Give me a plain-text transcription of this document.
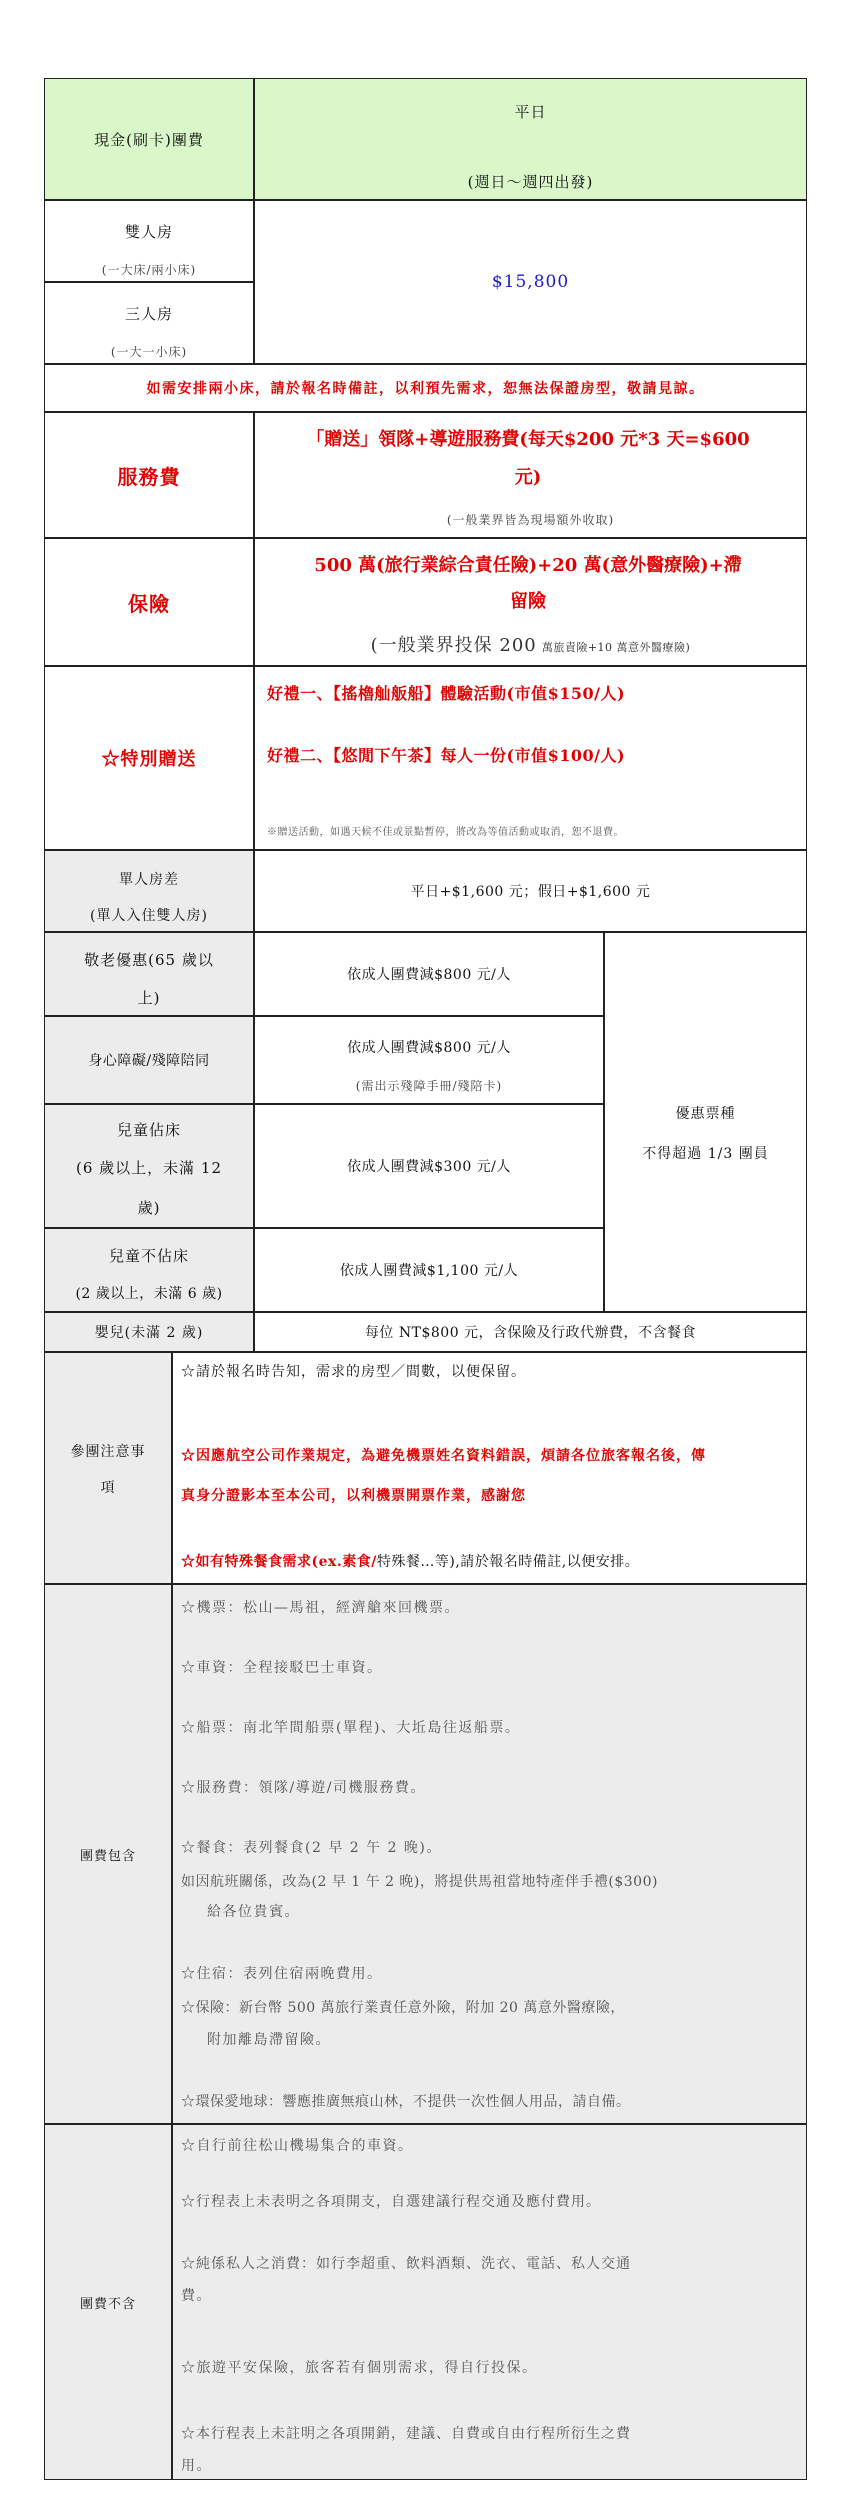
現金(刷卡)團費
平日
(週日～週四出發)
雙人房
(一大床/兩小床)
三人房
(一大一小床)
$15,800
如需安排兩小床，請於報名時備註，以利預先需求，恕無法保證房型，敬請見諒。
服務費
「贈送」領隊+導遊服務費(每天$200 元*3 天=$600
元)
(一般業界皆為現場額外收取)
保險
500 萬(旅行業綜合責任險)+20 萬(意外醫療險)+滯
留險
(一般業界投保 200 萬旅責險+10 萬意外醫療險)
☆特別贈送
好禮一、【搖櫓舢舨船】體驗活動(市值$150/人)
好禮二、【悠閒下午茶】每人一份(市值$100/人)
※贈送活動，如遇天候不佳或景點暫停，將改為等值活動或取消，恕不退費。
單人房差
(單人入住雙人房)
平日+$1,600 元；假日+$1,600 元
敬老優惠(65 歲以
上)
依成人團費減$800 元/人
身心障礙/殘障陪同
依成人團費減$800 元/人
(需出示殘障手冊/殘陪卡)
兒童佔床
(6 歲以上，未滿 12
歲)
依成人團費減$300 元/人
兒童不佔床
(2 歲以上，未滿 6 歲)
依成人團費減$1,100 元/人
優惠票種
不得超過 1/3 團員
嬰兒(未滿 2 歲)	每位 NT$800 元，含保險及行政代辦費，不含餐食
參團注意事
項
☆請於報名時告知，需求的房型／間數，以便保留。
☆因應航空公司作業規定，為避免機票姓名資料錯誤，煩請各位旅客報名後，傳
真身分證影本至本公司，以利機票開票作業，感謝您
☆如有特殊餐食需求(ex.素食/特殊餐…等),請於報名時備註,以便安排。
團費包含
☆機票：松山—馬祖，經濟艙來回機票。
☆車資：全程接駁巴士車資。
☆船票：南北竿間船票(單程)、大坵島往返船票。
☆服務費：領隊/導遊/司機服務費。
☆餐食：表列餐食(2 早 2 午 2 晚)。
如因航班關係，改為(2 早 1 午 2 晚)，將提供馬祖當地特產伴手禮($300)
給各位貴賓。
☆住宿：表列住宿兩晚費用。
☆保險：新台幣 500 萬旅行業責任意外險，附加 20 萬意外醫療險，
附加離島滯留險。
☆環保愛地球：響應推廣無痕山林，不提供一次性個人用品，請自備。
團費不含
☆自行前往松山機場集合的車資。
☆行程表上未表明之各項開支，自選建議行程交通及應付費用。
☆純係私人之消費：如行李超重、飲料酒類、洗衣、電話、私人交通
費。
☆旅遊平安保險，旅客若有個別需求，得自行投保。
☆本行程表上未註明之各項開銷，建議、自費或自由行程所衍生之費
用。
